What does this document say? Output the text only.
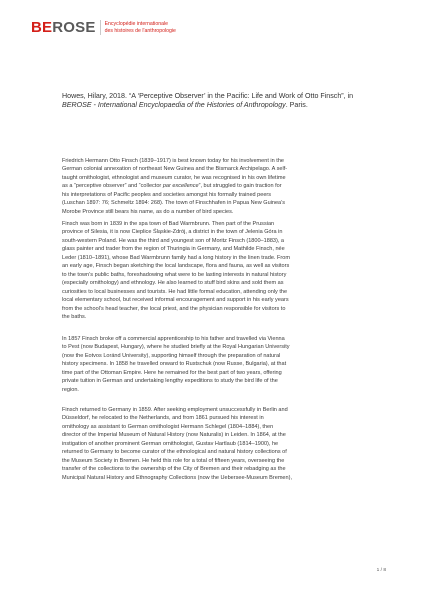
BEROSE Encyclopédie internationale
des histoires de l'anthropologie
Howes, Hilary, 2018. “A ‘Perceptive Observer’ in the Pacific: Life and Work of Otto Finsch”, in BEROSE - International Encyclopaedia of the Histories of Anthropology. Paris.
Friedrich Hermann Otto Finsch (1839–1917) is best known today for his involvement in the
German colonial annexation of northeast New Guinea and the Bismarck Archipelago. A self-
taught ornithologist, ethnologist and museum curator, he was recognised in his own lifetime
as a “perceptive observer” and “collector par excellence”, but struggled to gain traction for
his interpretations of Pacific peoples and societies amongst his formally trained peers
(Luschan 1897: 76; Schmeltz 1894: 268). The town of Finschhafen in Papua New Guinea’s
Morobe Province still bears his name, as do a number of bird species.
Finsch was born in 1839 in the spa town of Bad Warmbrunn. Then part of the Prussian
province of Silesia, it is now Cieplice Śląskie-Zdrój, a district in the town of Jelenia Góra in
south-western Poland. He was the third and youngest son of Moritz Finsch (1800–1883), a
glass painter and trader from the region of Thuringia in Germany, and Mathilde Finsch, née
Leder (1810–1891), whose Bad Warmbrunn family had a long history in the linen trade. From
an early age, Finsch began sketching the local landscape, flora and fauna, as well as visitors
to the town’s public baths, foreshadowing what were to be lasting interests in natural history
(especially ornithology) and ethnology. He also learned to stuff bird skins and sold them as
curiosities to local businesses and tourists. He had little formal education, attending only the
local elementary school, but received informal encouragement and support in his early years
from the school’s head teacher, the local priest, and the physician responsible for visitors to
the baths.
In 1857 Finsch broke off a commercial apprenticeship to his father and travelled via Vienna
to Pest (now Budapest, Hungary), where he studied briefly at the Royal Hungarian University
(now the Eotvos Loránd University), supporting himself through the preparation of natural
history specimens. In 1858 he travelled onward to Rustschuk (now Russe, Bulgaria), at that
time part of the Ottoman Empire. Here he remained for the best part of two years, offering
private tuition in German and undertaking lengthy expeditions to study the bird life of the
region.
Finsch returned to Germany in 1859. After seeking employment unsuccessfully in Berlin and
Düsseldorf, he relocated to the Netherlands, and from 1861 pursued his interest in
ornithology as assistant to German ornithologist Hermann Schlegel (1804–1884), then
director of the Imperial Museum of Natural History (now Naturalis) in Leiden. In 1864, at the
instigation of another prominent German ornithologist, Gustav Hartlaub (1814–1900), he
returned to Germany to become curator of the ethnological and natural history collections of
the Museum Society in Bremen. He held this role for a total of fifteen years, overseeing the
transfer of the collections to the ownership of the City of Bremen and their rebadging as the
Municipal Natural History and Ethnography Collections (now the Uebersee-Museum Bremen),
1 / 8
